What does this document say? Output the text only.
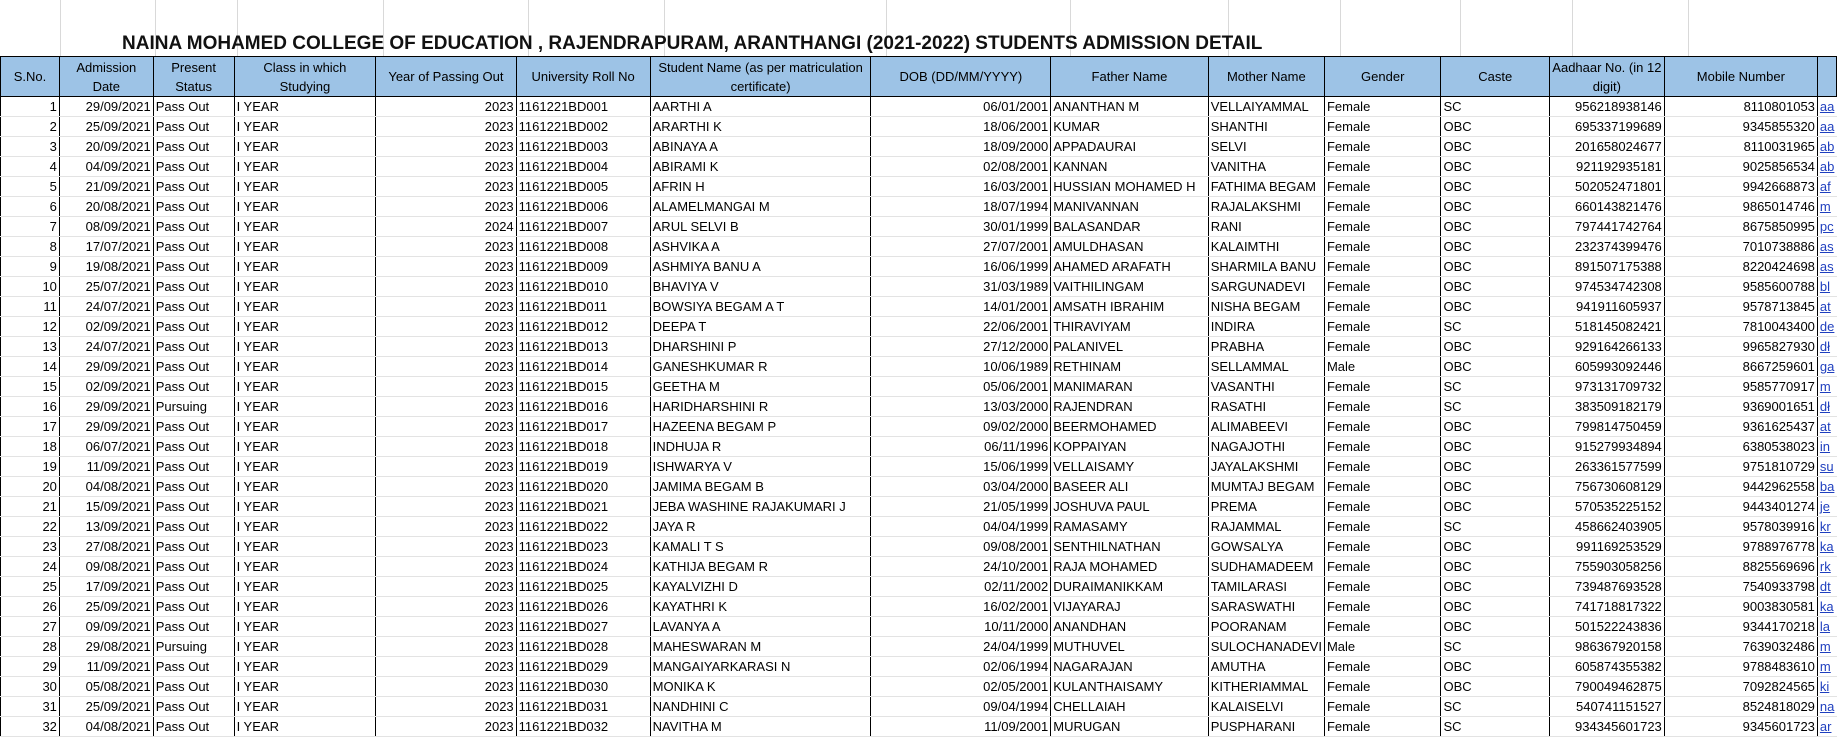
NAINA MOHAMED COLLEGE OF EDUCATION , RAJENDRAPURAM, ARANTHANGI (2021-2022) STUDENTS ADMISSION DETAIL
S.No.	Admission Date	Present Status	Class in which Studying	Year of Passing Out	University Roll No	Student Name (as per matriculation certificate)	DOB (DD/MM/YYYY)	Father Name	Mother Name	Gender	Caste	Aadhaar No. (in 12 digit)	Mobile Number	
1	29/09/2021	Pass Out	I YEAR	2023	1161221BD001	AARTHI A	06/01/2001	ANANTHAN M	VELLAIYAMMAL	Female	SC	956218938146	8110801053	aa
2	25/09/2021	Pass Out	I YEAR	2023	1161221BD002	ARARTHI K	18/06/2001	KUMAR	SHANTHI	Female	OBC	695337199689	9345855320	aa
3	20/09/2021	Pass Out	I YEAR	2023	1161221BD003	ABINAYA A	18/09/2000	APPADAURAI	SELVI	Female	OBC	201658024677	8110031965	ab
4	04/09/2021	Pass Out	I YEAR	2023	1161221BD004	ABIRAMI K	02/08/2001	KANNAN	VANITHA	Female	OBC	921192935181	9025856534	ab
5	21/09/2021	Pass Out	I YEAR	2023	1161221BD005	AFRIN H	16/03/2001	HUSSIAN MOHAMED H	FATHIMA BEGAM	Female	OBC	502052471801	9942668873	af
6	20/08/2021	Pass Out	I YEAR	2023	1161221BD006	ALAMELMANGAI M	18/07/1994	MANIVANNAN	RAJALAKSHMI	Female	OBC	660143821476	9865014746	m
7	08/09/2021	Pass Out	I YEAR	2024	1161221BD007	ARUL SELVI B	30/01/1999	BALASANDAR	RANI	Female	OBC	797441742764	8675850995	pc
8	17/07/2021	Pass Out	I YEAR	2023	1161221BD008	ASHVIKA A	27/07/2001	AMULDHASAN	KALAIMTHI	Female	OBC	232374399476	7010738886	as
9	19/08/2021	Pass Out	I YEAR	2023	1161221BD009	ASHMIYA BANU A	16/06/1999	AHAMED ARAFATH	SHARMILA BANU	Female	OBC	891507175388	8220424698	as
10	25/07/2021	Pass Out	I YEAR	2023	1161221BD010	BHAVIYA V	31/03/1989	VAITHILINGAM	SARGUNADEVI	Female	OBC	974534742308	9585600788	bl
11	24/07/2021	Pass Out	I YEAR	2023	1161221BD011	BOWSIYA BEGAM A T	14/01/2001	AMSATH IBRAHIM	NISHA BEGAM	Female	OBC	941911605937	9578713845	at
12	02/09/2021	Pass Out	I YEAR	2023	1161221BD012	DEEPA T	22/06/2001	THIRAVIYAM	INDIRA	Female	SC	518145082421	7810043400	de
13	24/07/2021	Pass Out	I YEAR	2023	1161221BD013	DHARSHINI P	27/12/2000	PALANIVEL	PRABHA	Female	OBC	929164266133	9965827930	dł
14	29/09/2021	Pass Out	I YEAR	2023	1161221BD014	GANESHKUMAR R	10/06/1989	RETHINAM	SELLAMMAL	Male	OBC	605993092446	8667259601	ga
15	02/09/2021	Pass Out	I YEAR	2023	1161221BD015	GEETHA M	05/06/2001	MANIMARAN	VASANTHI	Female	SC	973131709732	9585770917	m
16	29/09/2021	Pursuing	I YEAR	2023	1161221BD016	HARIDHARSHINI R	13/03/2000	RAJENDRAN	RASATHI	Female	SC	383509182179	9369001651	dł
17	29/09/2021	Pass Out	I YEAR	2023	1161221BD017	HAZEENA BEGAM P	09/02/2000	BEERMOHAMED	ALIMABEEVI	Female	OBC	799814750459	9361625437	at
18	06/07/2021	Pass Out	I YEAR	2023	1161221BD018	INDHUJA R	06/11/1996	KOPPAIYAN	NAGAJOTHI	Female	OBC	915279934894	6380538023	in
19	11/09/2021	Pass Out	I YEAR	2023	1161221BD019	ISHWARYA V	15/06/1999	VELLAISAMY	JAYALAKSHMI	Female	OBC	263361577599	9751810729	su
20	04/08/2021	Pass Out	I YEAR	2023	1161221BD020	JAMIMA BEGAM B	03/04/2000	BASEER ALI	MUMTAJ BEGAM	Female	OBC	756730608129	9442962558	ba
21	15/09/2021	Pass Out	I YEAR	2023	1161221BD021	JEBA WASHINE RAJAKUMARI J	21/05/1999	JOSHUVA PAUL	PREMA	Female	OBC	570535225152	9443401274	je
22	13/09/2021	Pass Out	I YEAR	2023	1161221BD022	JAYA R	04/04/1999	RAMASAMY	RAJAMMAL	Female	SC	458662403905	9578039916	kr
23	27/08/2021	Pass Out	I YEAR	2023	1161221BD023	KAMALI T S	09/08/2001	SENTHILNATHAN	GOWSALYA	Female	OBC	991169253529	9788976778	ka
24	09/08/2021	Pass Out	I YEAR	2023	1161221BD024	KATHIJA BEGAM R	24/10/2001	RAJA MOHAMED	SUDHAMADEEM	Female	OBC	755903058256	8825569696	rk
25	17/09/2021	Pass Out	I YEAR	2023	1161221BD025	KAYALVIZHI D	02/11/2002	DURAIMANIKKAM	TAMILARASI	Female	OBC	739487693528	7540933798	dt
26	25/09/2021	Pass Out	I YEAR	2023	1161221BD026	KAYATHRI K	16/02/2001	VIJAYARAJ	SARASWATHI	Female	OBC	741718817322	9003830581	ka
27	09/09/2021	Pass Out	I YEAR	2023	1161221BD027	LAVANYA A	10/11/2000	ANANDHAN	POORANAM	Female	OBC	501522243836	9344170218	la
28	29/08/2021	Pursuing	I YEAR	2023	1161221BD028	MAHESWARAN M	24/04/1999	MUTHUVEL	SULOCHANADEVI	Male	SC	986367920158	7639032486	m
29	11/09/2021	Pass Out	I YEAR	2023	1161221BD029	MANGAIYARKARASI N	02/06/1994	NAGARAJAN	AMUTHA	Female	OBC	605874355382	9788483610	m
30	05/08/2021	Pass Out	I YEAR	2023	1161221BD030	MONIKA K	02/05/2001	KULANTHAISAMY	KITHERIAMMAL	Female	OBC	790049462875	7092824565	ki
31	25/09/2021	Pass Out	I YEAR	2023	1161221BD031	NANDHINI C	09/04/1994	CHELLAIAH	KALAISELVI	Female	SC	540741151527	8524818029	na
32	04/08/2021	Pass Out	I YEAR	2023	1161221BD032	NAVITHA M	11/09/2001	MURUGAN	PUSPHARANI	Female	SC	934345601723	9345601723	ar
